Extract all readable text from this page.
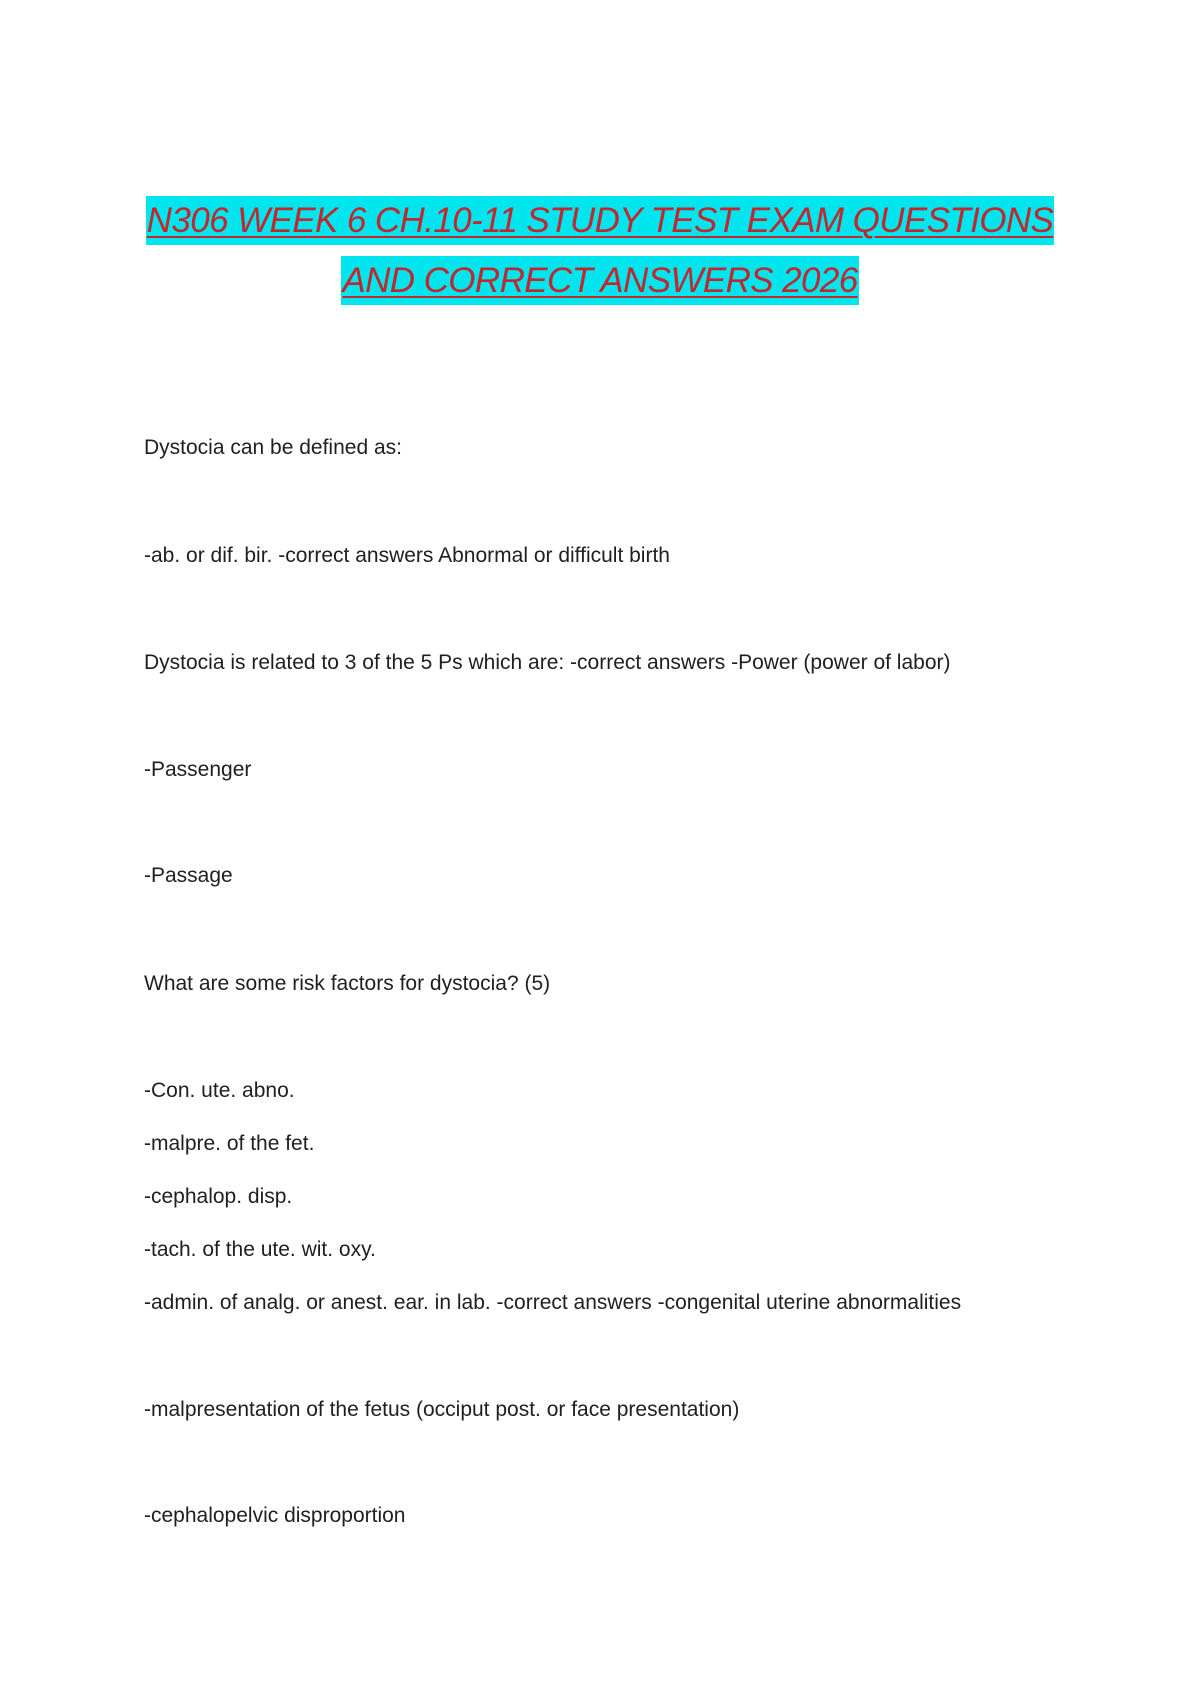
N306 WEEK 6 CH.10-11 STUDY TEST EXAM QUESTIONS
AND CORRECT ANSWERS 2026
Dystocia can be defined as:
-ab. or dif. bir. -correct answers Abnormal or difficult birth
Dystocia is related to 3 of the 5 Ps which are: -correct answers -Power (power of labor)
-Passenger
-Passage
What are some risk factors for dystocia? (5)
-Con. ute. abno.
-malpre. of the fet.
-cephalop. disp.
-tach. of the ute. wit. oxy.
-admin. of analg. or anest. ear. in lab. -correct answers -congenital uterine abnormalities
-malpresentation of the fetus (occiput post. or face presentation)
-cephalopelvic disproportion
